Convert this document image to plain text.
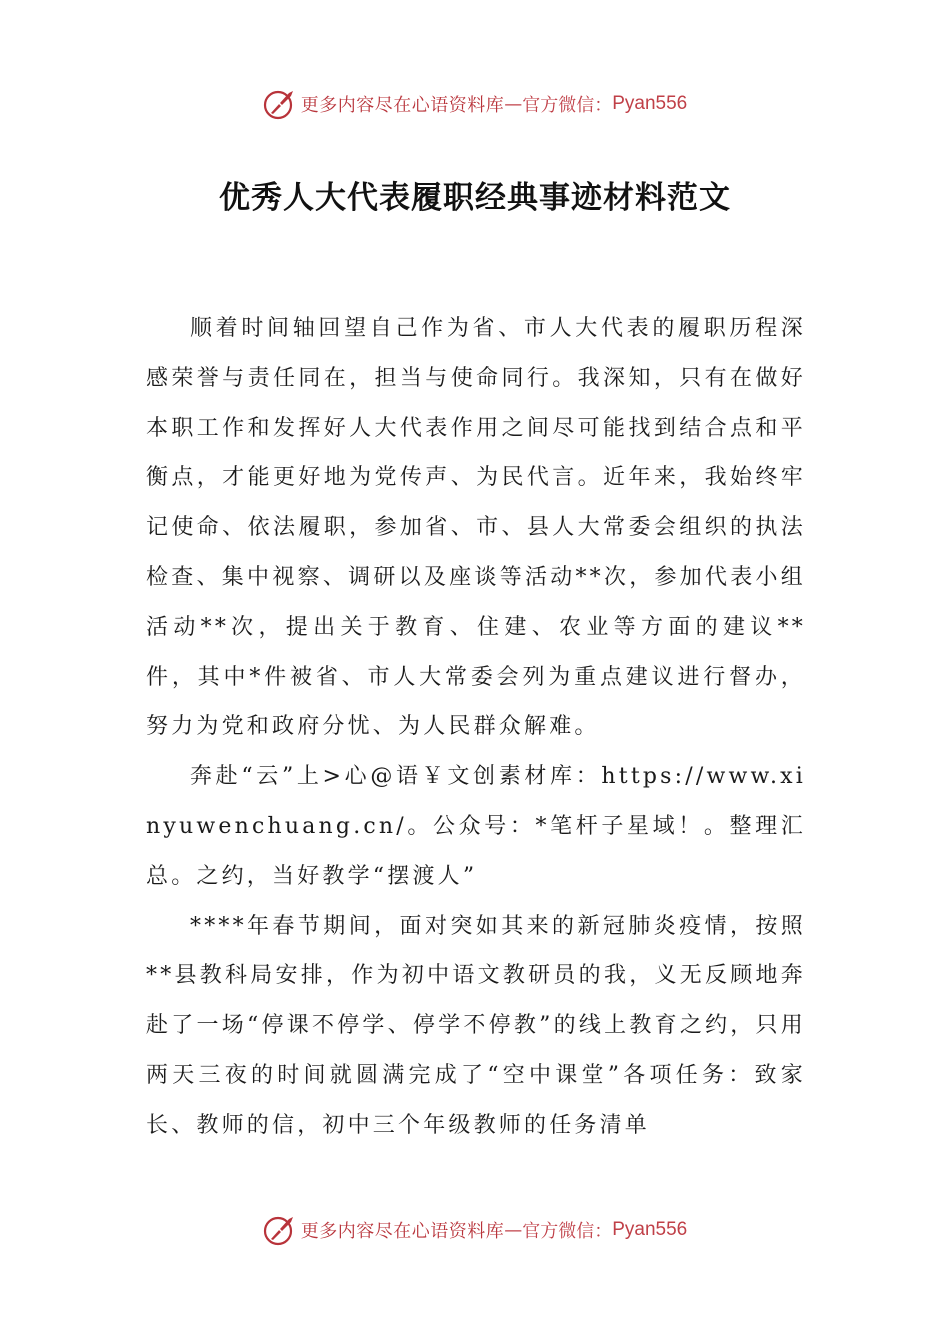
更多内容尽在心语资料库 — 官方微信： Pyan556
优秀人大代表履职经典事迹材料范文

顺着时间轴回望自己作为省、市人大代表的履职历程深感荣誉与责任同在，担当与使命同行。我深知，只有在做好本职工作和发挥好人大代表作用之间尽可能找到结合点和平衡点，才能更好地为党传声、为民代言。近年来，我始终牢记使命、依法履职，参加省、市、县人大常委会组织的执法检查、集中视察、调研以及座谈等活动**次，参加代表小组活动**次，提出关于教育、住建、农业等方面的建议**件，其中*件被省、市人大常委会列为重点建议进行督办，努力为党和政府分忧、为人民群众解难。

奔赴“云”上>心@语￥文创素材库：https://www.xinyuwenchuang.cn/。公众号：*笔杆子星域！。整理汇总。之约，当好教学“摆渡人”

****年春节期间，面对突如其来的新冠肺炎疫情，按照**县教科局安排，作为初中语文教研员的我，义无反顾地奔赴了一场“停课不停学、停学不停教”的线上教育之约，只用两天三夜的时间就圆满完成了“空中课堂”各项任务：致家长、教师的信，初中三个年级教师的任务清单

更多内容尽在心语资料库 — 官方微信： Pyan556
